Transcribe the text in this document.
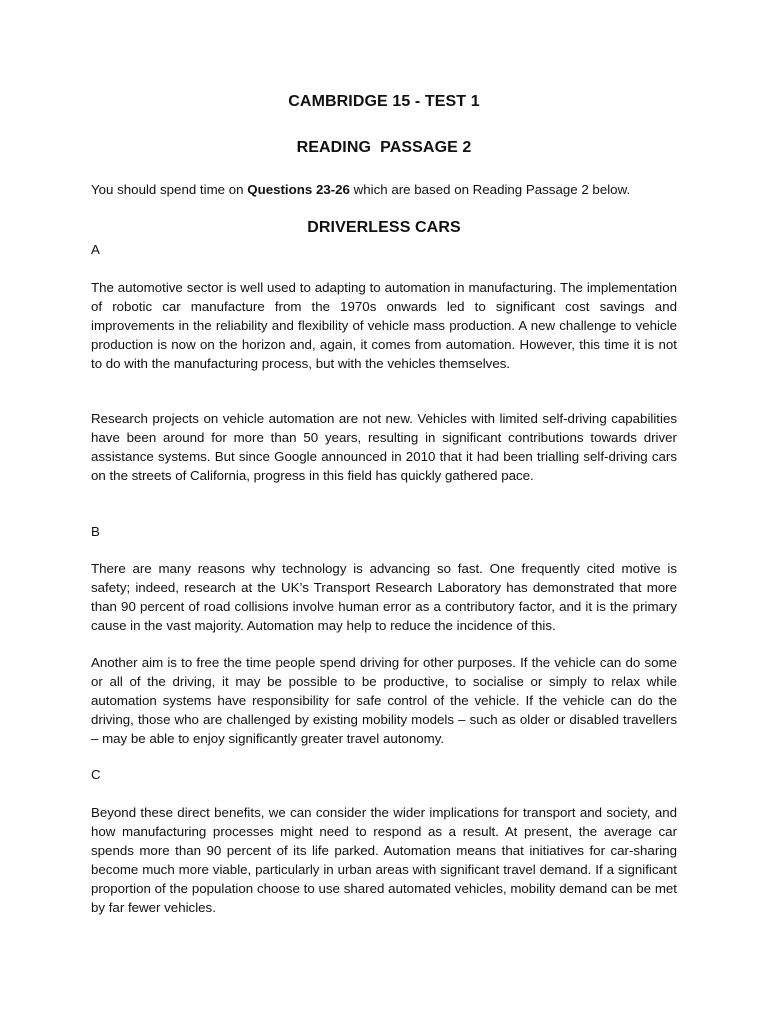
CAMBRIDGE 15 - TEST 1
READING  PASSAGE 2

You should spend time on Questions 23-26 which are based on Reading Passage 2 below.

DRIVERLESS CARS

A

The automotive sector is well used to adapting to automation in manufacturing. The implementation of robotic car manufacture from the 1970s onwards led to significant cost savings and improvements in the reliability and flexibility of vehicle mass production. A new challenge to vehicle production is now on the horizon and, again, it comes from automation. However, this time it is not to do with the manufacturing process, but with the vehicles themselves.

Research projects on vehicle automation are not new. Vehicles with limited self-driving capabilities have been around for more than 50 years, resulting in significant contributions towards driver assistance systems. But since Google announced in 2010 that it had been trialling self-driving cars on the streets of California, progress in this field has quickly gathered pace.

B

There are many reasons why technology is advancing so fast. One frequently cited motive is safety; indeed, research at the UK’s Transport Research Laboratory has demonstrated that more than 90 percent of road collisions involve human error as a contributory factor, and it is the primary cause in the vast majority. Automation may help to reduce the incidence of this.

Another aim is to free the time people spend driving for other purposes. If the vehicle can do some or all of the driving, it may be possible to be productive, to socialise or simply to relax while automation systems have responsibility for safe control of the vehicle. If the vehicle can do the driving, those who are challenged by existing mobility models – such as older or disabled travellers – may be able to enjoy significantly greater travel autonomy.

C

Beyond these direct benefits, we can consider the wider implications for transport and society, and how manufacturing processes might need to respond as a result. At present, the average car spends more than 90 percent of its life parked. Automation means that initiatives for car-sharing become much more viable, particularly in urban areas with significant travel demand. If a significant proportion of the population choose to use shared automated vehicles, mobility demand can be met by far fewer vehicles.
